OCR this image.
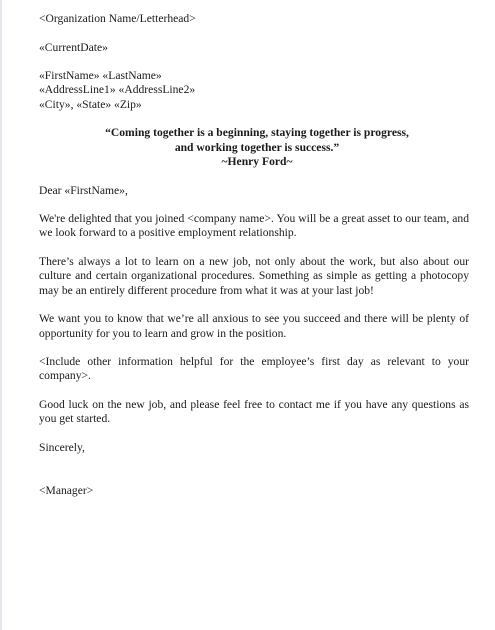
<Organization Name/Letterhead>
«CurrentDate»
«FirstName» «LastName»
«AddressLine1» «AddressLine2»
«City», «State» «Zip»
“Coming together is a beginning, staying together is progress,
and working together is success.”
~Henry Ford~
Dear «FirstName»,
We're delighted that you joined <company name>. You will be a great asset to our team, and we look forward to a positive employment relationship.
There’s always a lot to learn on a new job, not only about the work, but also about our culture and certain organizational procedures. Something as simple as getting a photocopy may be an entirely different procedure from what it was at your last job!
We want you to know that we’re all anxious to see you succeed and there will be plenty of opportunity for you to learn and grow in the position.
<Include other information helpful for the employee’s first day as relevant to your company>.
Good luck on the new job, and please feel free to contact me if you have any questions as you get started.
Sincerely,
<Manager>
